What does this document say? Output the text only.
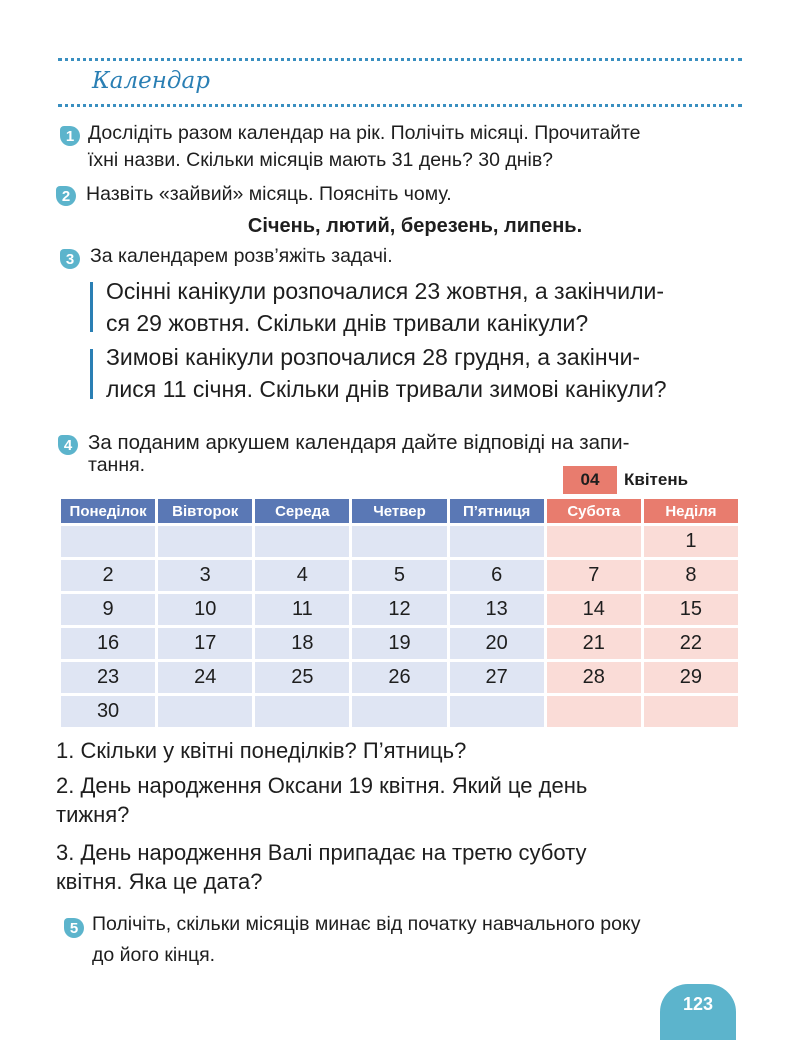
Календар
1 Дослідіть разом календар на рік. Полічіть місяці. Прочитайте
їхні назви. Скільки місяців мають 31 день? 30 днів?
2 Назвіть «зайвий» місяць. Поясніть чому.
Січень, лютий, березень, липень.
3 За календарем розв’яжіть задачі.
Осінні канікули розпочалися 23 жовтня, а закінчили-
ся 29 жовтня. Скільки днів тривали канікули?
Зимові канікули розпочалися 28 грудня, а закінчи-
лися 11 січня. Скільки днів тривали зимові канікули?
4 За поданим аркушем календаря дайте відповіді на запи-
тання.
04	Квітень
Понеділок	Вівторок	Середа	Четвер	П’ятниця	Субота	Неділя
						1
2	3	4	5	6	7	8
9	10	11	12	13	14	15
16	17	18	19	20	21	22
23	24	25	26	27	28	29
30						
1. Скільки у квітні понеділків? П’ятниць?
2. День народження Оксани 19 квітня. Який це день
тижня?
3. День народження Валі припадає на третю суботу
квітня. Яка це дата?
5 Полічіть, скільки місяців минає від початку навчального року
до його кінця.
123
